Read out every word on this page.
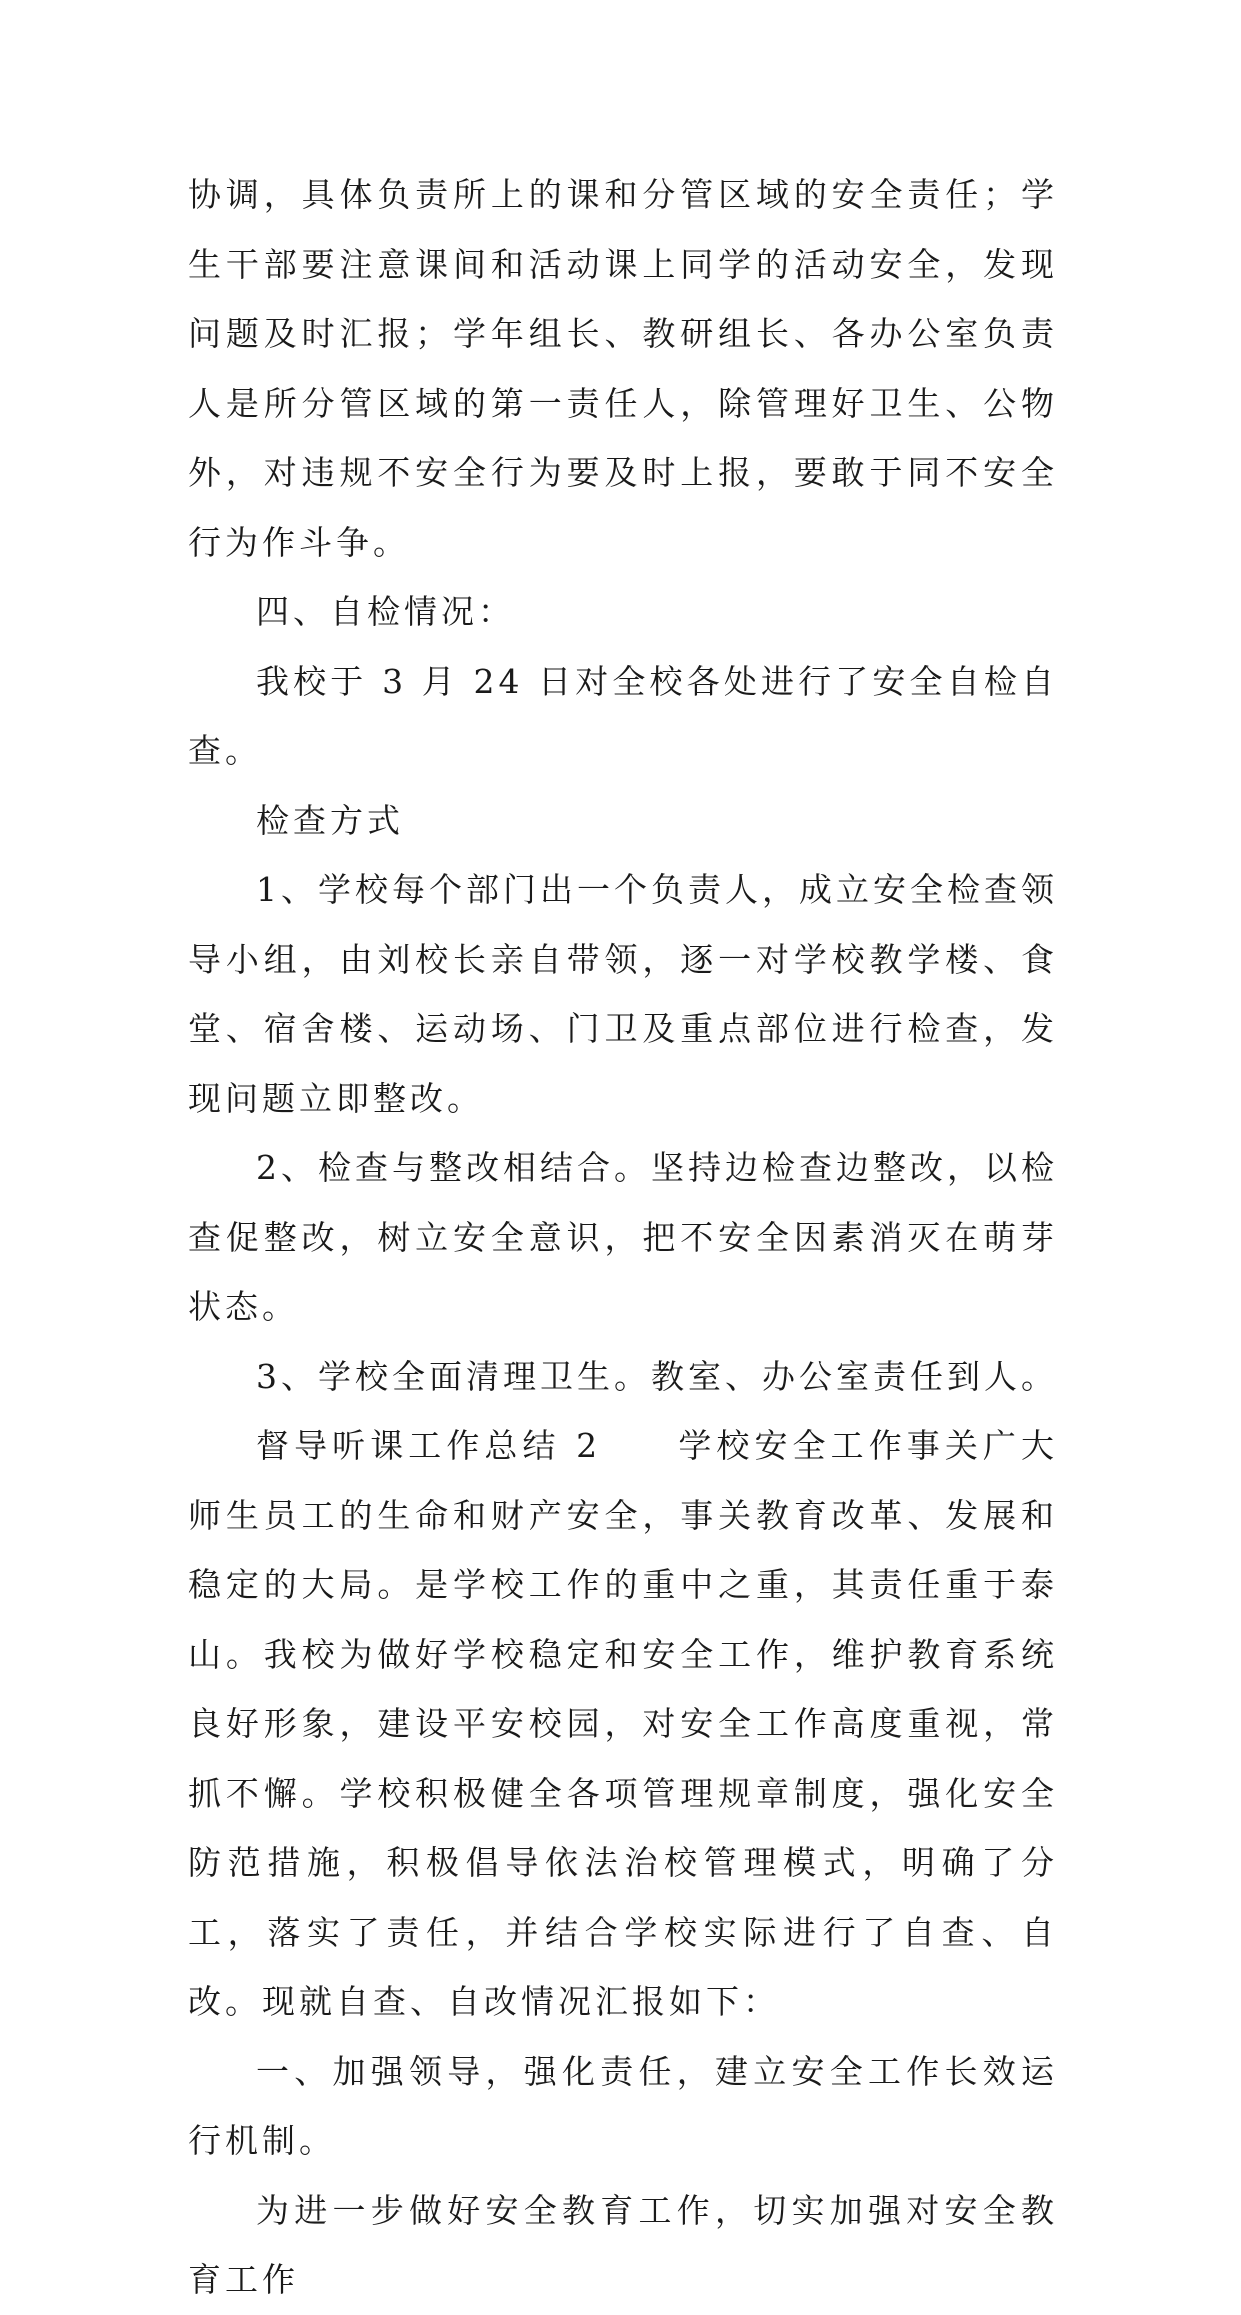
协调，具体负责所上的课和分管区域的安全责任；学生干部要注意课间和活动课上同学的活动安全，发现问题及时汇报；学年组长、教研组长、各办公室负责人是所分管区域的第一责任人，除管理好卫生、公物外，对违规不安全行为要及时上报，要敢于同不安全行为作斗争。

四、自检情况：

我校于 3 月 24 日对全校各处进行了安全自检自查。

检查方式

1、学校每个部门出一个负责人，成立安全检查领导小组，由刘校长亲自带领，逐一对学校教学楼、食堂、宿舍楼、运动场、门卫及重点部位进行检查，发现问题立即整改。

2、检查与整改相结合。坚持边检查边整改，以检查促整改，树立安全意识，把不安全因素消灭在萌芽状态。

3、学校全面清理卫生。教室、办公室责任到人。

督导听课工作总结 2　　学校安全工作事关广大师生员工的生命和财产安全，事关教育改革、发展和稳定的大局。是学校工作的重中之重，其责任重于泰山。我校为做好学校稳定和安全工作，维护教育系统良好形象，建设平安校园，对安全工作高度重视，常抓不懈。学校积极健全各项管理规章制度，强化安全防范措施，积极倡导依法治校管理模式，明确了分工，落实了责任，并结合学校实际进行了自查、自改。现就自查、自改情况汇报如下：

一、加强领导，强化责任，建立安全工作长效运行机制。

为进一步做好安全教育工作，切实加强对安全教育工作
